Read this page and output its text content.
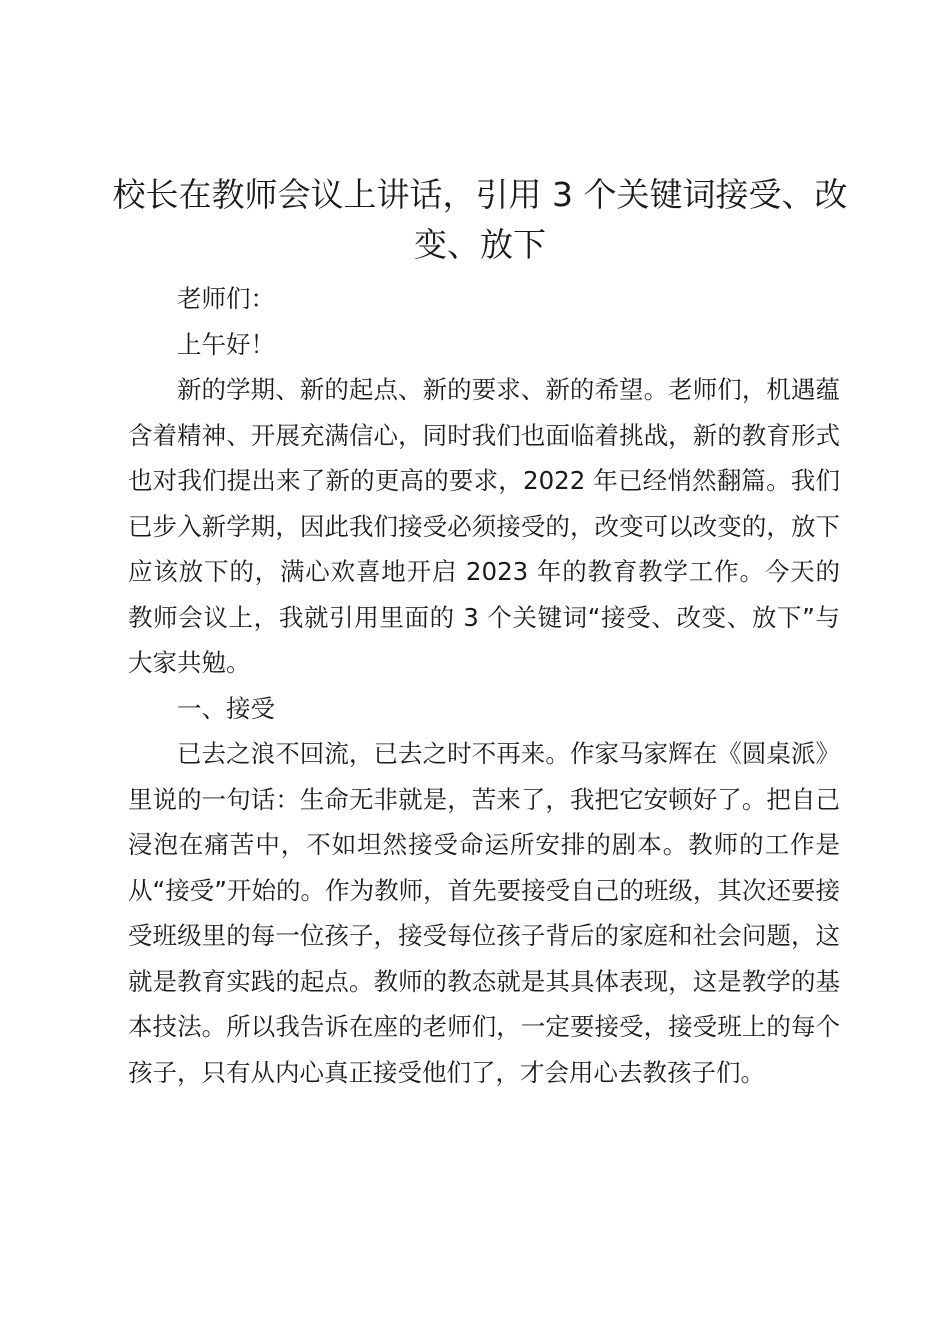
校长在教师会议上讲话，引用 3 个关键词接受、改变、放下

老师们：

上午好！

新的学期、新的起点、新的要求、新的希望。老师们，机遇蕴含着精神、开展充满信心，同时我们也面临着挑战，新的教育形式也对我们提出来了新的更高的要求，2022 年已经悄然翻篇。我们已步入新学期，因此我们接受必须接受的，改变可以改变的，放下应该放下的，满心欢喜地开启 2023 年的教育教学工作。今天的教师会议上，我就引用里面的 3 个关键词“接受、改变、放下”与大家共勉。

一、接受

已去之浪不回流，已去之时不再来。作家马家辉在《圆桌派》里说的一句话：生命无非就是，苦来了，我把它安顿好了。把自己浸泡在痛苦中，不如坦然接受命运所安排的剧本。教师的工作是从“接受”开始的。作为教师，首先要接受自己的班级，其次还要接受班级里的每一位孩子，接受每位孩子背后的家庭和社会问题，这就是教育实践的起点。教师的教态就是其具体表现，这是教学的基本技法。所以我告诉在座的老师们，一定要接受，接受班上的每个孩子，只有从内心真正接受他们了，才会用心去教孩子们。
